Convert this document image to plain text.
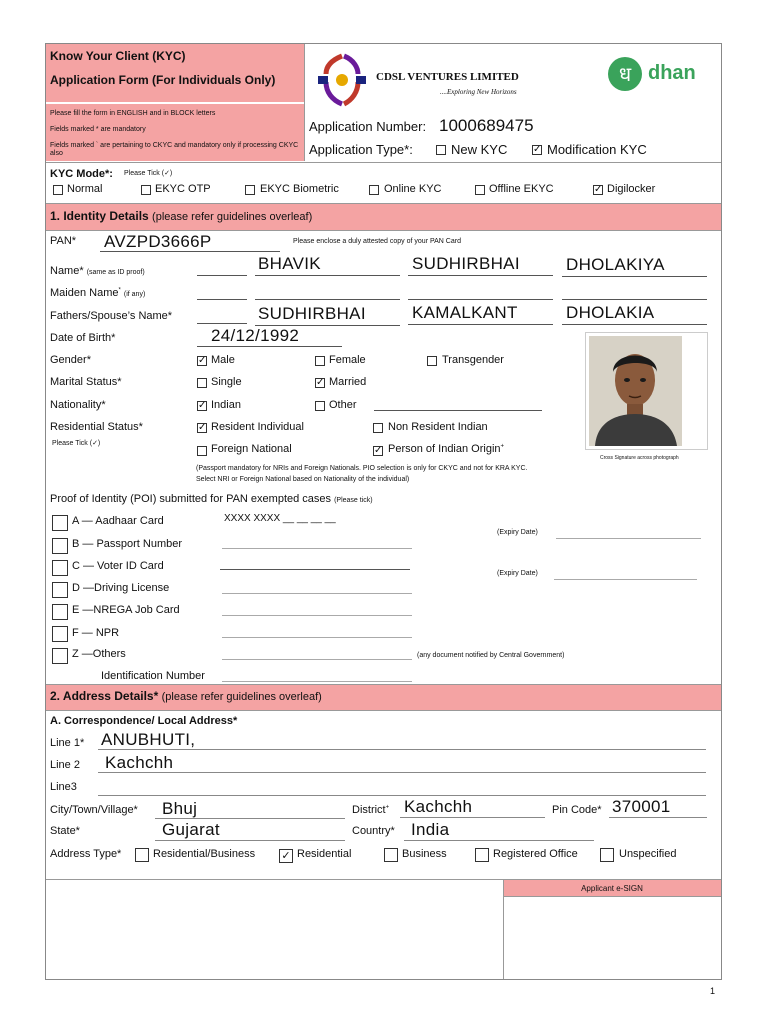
Know Your Client (KYC)
Application Form (For Individuals Only)
Please fill the form in ENGLISH and in BLOCK letters
Fields marked * are mandatory
Fields marked ` are pertaining to CKYC and mandatory only if processing CKYC also
CDSL VENTURES LIMITED
....Exploring New Horizons
ध dhan
Application Number: 1000689475
Application Type*:	New KYC	✓ Modification KYC
KYC Mode*: Please Tick (✓)
Normal	EKYC OTP	EKYC Biometric	Online KYC	Offline EKYC	✓ Digilocker
1. Identity Details (please refer guidelines overleaf)
PAN* AVZPD3666P	Please enclose a duly attested copy of your PAN Card
Name* (same as ID proof)	BHAVIK	SUDHIRBHAI	DHOLAKIYA
Maiden Name* (if any)
Fathers/Spouse’s Name*	SUDHIRBHAI	KAMALKANT	DHOLAKIA
Date of Birth*	24/12/1992
Gender*	✓ Male	Female	Transgender
Marital Status*	Single	✓ Married
Nationality*	✓ Indian	Other
Residential Status*
Please Tick (✓)
✓ Resident Individual	Non Resident Indian
Foreign National	✓ Person of Indian Origin+
(Passport mandatory for NRIs and Foreign Nationals. PIO selection is only for CKYC and not for KRA KYC.
Select NRI or Foreign National based on Nationality of the individual)
Cross Signature across photograph
Proof of Identity (POI) submitted for PAN exempted cases (Please tick)
A — Aadhaar Card	XXXX XXXX __ __ __ __
B — Passport Number
(Expiry Date)
C — Voter ID Card
D —Driving License
(Expiry Date)
E —NREGA Job Card
F — NPR
Z —Others	(any document notified by Central Government)
Identification Number
2. Address Details* (please refer guidelines overleaf)
A. Correspondence/ Local Address*
Line 1* ANUBHUTI,
Line 2 Kachchh
Line3
City/Town/Village* Bhuj	District+ Kachchh	Pin Code* 370001
State*	Gujarat	Country* India
Address Type*	Residential/Business ✓ Residential	Business	Registered Office	Unspecified
Applicant e-SIGN
1
